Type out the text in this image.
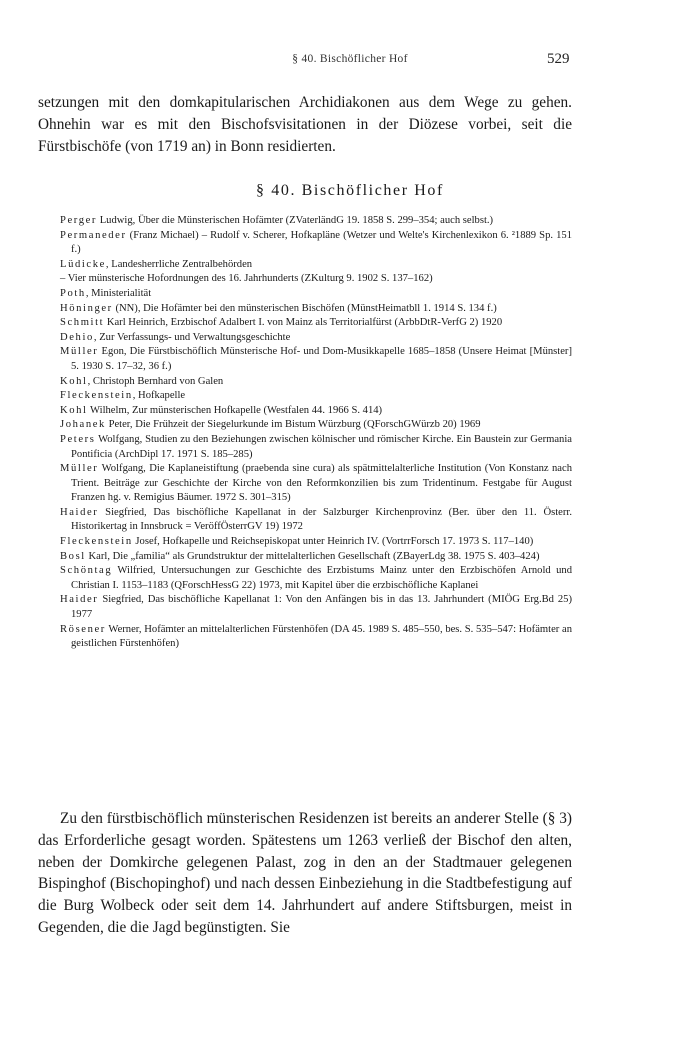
§ 40. Bischöflicher Hof	529
setzungen mit den domkapitularischen Archidiakonen aus dem Wege zu gehen. Ohnehin war es mit den Bischofsvisitationen in der Diözese vorbei, seit die Fürstbischöfe (von 1719 an) in Bonn residierten.
§ 40. Bischöflicher Hof
Perger Ludwig, Über die Münsterischen Hofämter (ZVaterländG 19. 1858 S. 299–354; auch selbst.)
Permaneder (Franz Michael) – Rudolf v. Scherer, Hofkapläne (Wetzer und Welte's Kirchenlexikon 6. ²1889 Sp. 151 f.)
Lüdicke, Landesherrliche Zentralbehörden
– Vier münsterische Hofordnungen des 16. Jahrhunderts (ZKulturg 9. 1902 S. 137–162)
Poth, Ministerialität
Höninger (NN), Die Hofämter bei den münsterischen Bischöfen (MünstHeimatbll 1. 1914 S. 134 f.)
Schmitt Karl Heinrich, Erzbischof Adalbert I. von Mainz als Territorialfürst (ArbbDtR-VerfG 2) 1920
Dehio, Zur Verfassungs- und Verwaltungsgeschichte
Müller Egon, Die Fürstbischöflich Münsterische Hof- und Dom-Musikkapelle 1685–1858 (Unsere Heimat [Münster] 5. 1930 S. 17–32, 36 f.)
Kohl, Christoph Bernhard von Galen
Fleckenstein, Hofkapelle
Kohl Wilhelm, Zur münsterischen Hofkapelle (Westfalen 44. 1966 S. 414)
Johanek Peter, Die Frühzeit der Siegelurkunde im Bistum Würzburg (QForschGWürzb 20) 1969
Peters Wolfgang, Studien zu den Beziehungen zwischen kölnischer und römischer Kirche. Ein Baustein zur Germania Pontificia (ArchDipl 17. 1971 S. 185–285)
Müller Wolfgang, Die Kaplaneistiftung (praebenda sine cura) als spätmittelalterliche Institution (Von Konstanz nach Trient. Beiträge zur Geschichte der Kirche von den Reformkonzilien bis zum Tridentinum. Festgabe für August Franzen hg. v. Remigius Bäumer. 1972 S. 301–315)
Haider Siegfried, Das bischöfliche Kapellanat in der Salzburger Kirchenprovinz (Ber. über den 11. Österr. Historikertag in Innsbruck = VeröffÖsterrGV 19) 1972
Fleckenstein Josef, Hofkapelle und Reichsepiskopat unter Heinrich IV. (VortrrForsch 17. 1973 S. 117–140)
Bosl Karl, Die „familia“ als Grundstruktur der mittelalterlichen Gesellschaft (ZBayerLdg 38. 1975 S. 403–424)
Schöntag Wilfried, Untersuchungen zur Geschichte des Erzbistums Mainz unter den Erzbischöfen Arnold und Christian I. 1153–1183 (QForschHessG 22) 1973, mit Kapitel über die erzbischöfliche Kaplanei
Haider Siegfried, Das bischöfliche Kapellanat 1: Von den Anfängen bis in das 13. Jahrhundert (MIÖG Erg.Bd 25) 1977
Rösener Werner, Hofämter an mittelalterlichen Fürstenhöfen (DA 45. 1989 S. 485–550, bes. S. 535–547: Hofämter an geistlichen Fürstenhöfen)
Zu den fürstbischöflich münsterischen Residenzen ist bereits an anderer Stelle (§ 3) das Erforderliche gesagt worden. Spätestens um 1263 verließ der Bischof den alten, neben der Domkirche gelegenen Palast, zog in den an der Stadtmauer gelegenen Bispinghof (Bischopinghof) und nach dessen Einbeziehung in die Stadtbefestigung auf die Burg Wolbeck oder seit dem 14. Jahrhundert auf andere Stiftsburgen, meist in Gegenden, die die Jagd begünstigten. Sie
